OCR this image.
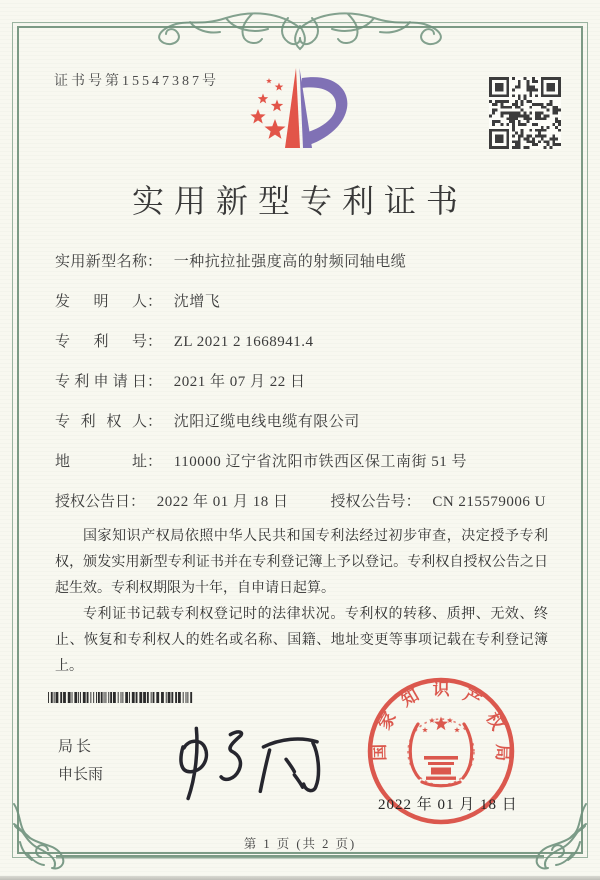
证书号第15547387号
实用新型专利证书
实用新型名称： 一种抗拉扯强度高的射频同轴电缆
发明人： 沈增飞
专利号： ZL 2021 2 1668941.4
专利申请日： 2021 年 07 月 22 日
专利权人： 沈阳辽缆电线电缆有限公司
地址： 110000 辽宁省沈阳市铁西区保工南街 51 号
授权公告日： 2022 年 01 月 18 日	授权公告号： CN 215579006 U

国家知识产权局依照中华人民共和国专利法经过初步审查，决定授予专利权，颁发实用新型专利证书并在专利登记簿上予以登记。专利权自授权公告之日起生效。专利权期限为十年，自申请日起算。

专利证书记载专利权登记时的法律状况。专利权的转移、质押、无效、终止、恢复和专利权人的姓名或名称、国籍、地址变更等事项记载在专利登记簿上。

局长
申长雨
国家知识产权局
2022 年 01 月 18 日
第 1 页 (共 2 页)
